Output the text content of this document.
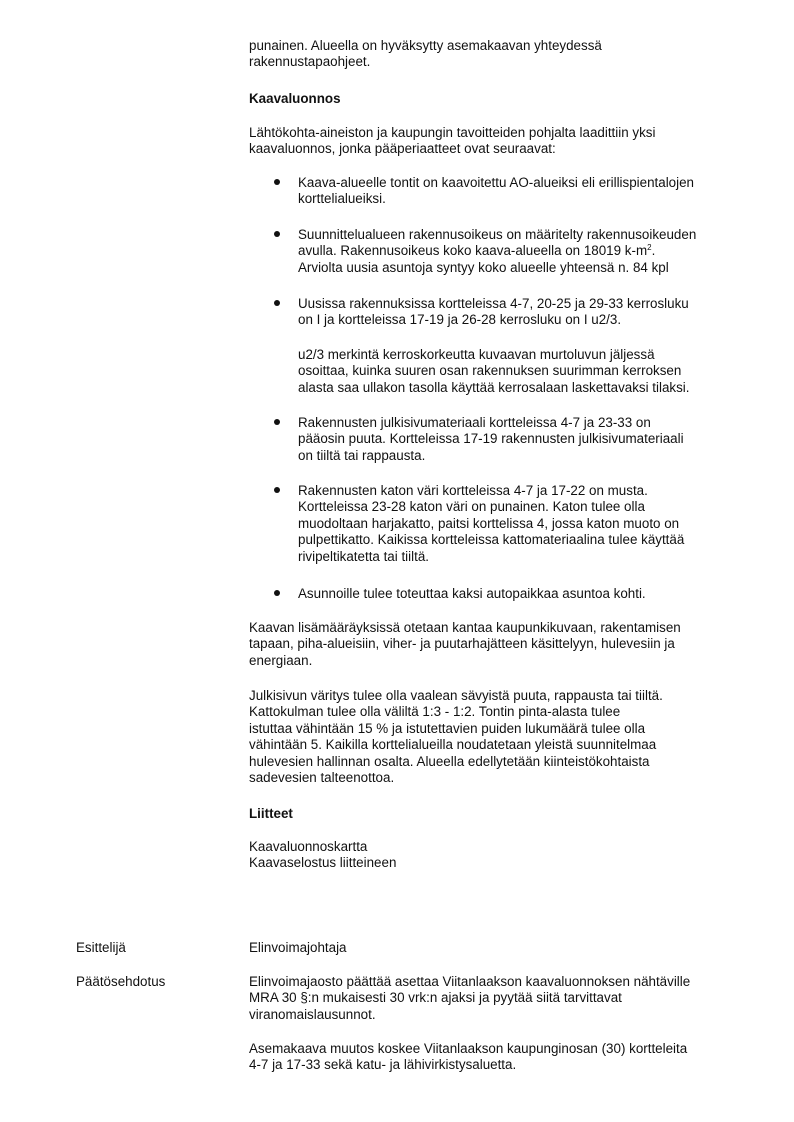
punainen. Alueella on hyväksytty asemakaavan yhteydessä

rakennustapaohjeet.

Kaavaluonnos

Lähtökohta-aineiston ja kaupungin tavoitteiden pohjalta laadittiin yksi

kaavaluonnos, jonka pääperiaatteet ovat seuraavat:

Kaava-alueelle tontit on kaavoitettu AO-alueiksi eli erillispientalojen

korttelialueiksi.

Suunnittelualueen rakennusoikeus on määritelty rakennusoikeuden

avulla. Rakennusoikeus koko kaava-alueella on 18019 $k-m^2$.

Arviolta uusia asuntoja syntyy koko alueelle yhteensä n. 84 kpl

Uusissa rakennuksissa kortteleissa 4-7, 20-25 ja 29-33 kerrosluku

on I ja kortteleissa 17-19 ja 26-28 kerrosluku on I u2/3.

u2/3 merkintä kerroskorkeutta kuvaavan murtoluvun jäljessä

osoittaa, kuinka suuren osan rakennuksen suurimman kerroksen

alasta saa ullakon tasolla käyttää kerrosalaan laskettavaksi tilaksi.

Rakennusten julkisivumateriaali kortteleissa 4-7 ja 23-33 on

pääosin puuta. Kortteleissa 17-19 rakennusten julkisivumateriaali

on tiiltä tai rappausta.

Rakennusten katon väri kortteleissa 4-7 ja 17-22 on musta.

Kortteleissa 23-28 katon väri on punainen. Katon tulee olla

muodoltaan harjakatto, paitsi korttelissa 4, jossa katon muoto on

pulpettikatto. Kaikissa kortteleissa kattomateriaalina tulee käyttää

rivipeltikatetta tai tiiltä.

Asunnoille tulee toteuttaa kaksi autopaikkaa asuntoa kohti.

Kaavan lisämääräyksissä otetaan kantaa kaupunkikuvaan, rakentamisen

tapaan, piha-alueisiin, viher- ja puutarhajätteen käsittelyyn, hulevesiin ja

energiaan.

Julkisivun väritys tulee olla vaalean sävyistä puuta, rappausta tai tiiltä.

Kattokulman tulee olla väliltä 1:3 - 1:2. Tontin pinta-alasta tulee

istuttaa vähintään 15 % ja istutettavien puiden lukumäärä tulee olla

vähintään 5. Kaikilla korttelialueilla noudatetaan yleistä suunnitelmaa

hulevesien hallinnan osalta. Alueella edellytetään kiinteistökohtaista

sadevesien talteenottoa.

Liitteet

Kaavaluonnoskartta

Kaavaselostus liitteineen

Esittelijä	Elinvoimajohtaja
Päätösehdotus	Elinvoimajaosto päättää asettaa Viitanlaakson kaavaluonnoksen nähtäville

MRA 30 §:n mukaisesti 30 vrk:n ajaksi ja pyytää siitä tarvittavat

viranomaislausunnot.

Asemakaava muutos koskee Viitanlaakson kaupunginosan (30) kortteleita

4-7 ja 17-33 sekä katu- ja lähivirkistysaluetta.
